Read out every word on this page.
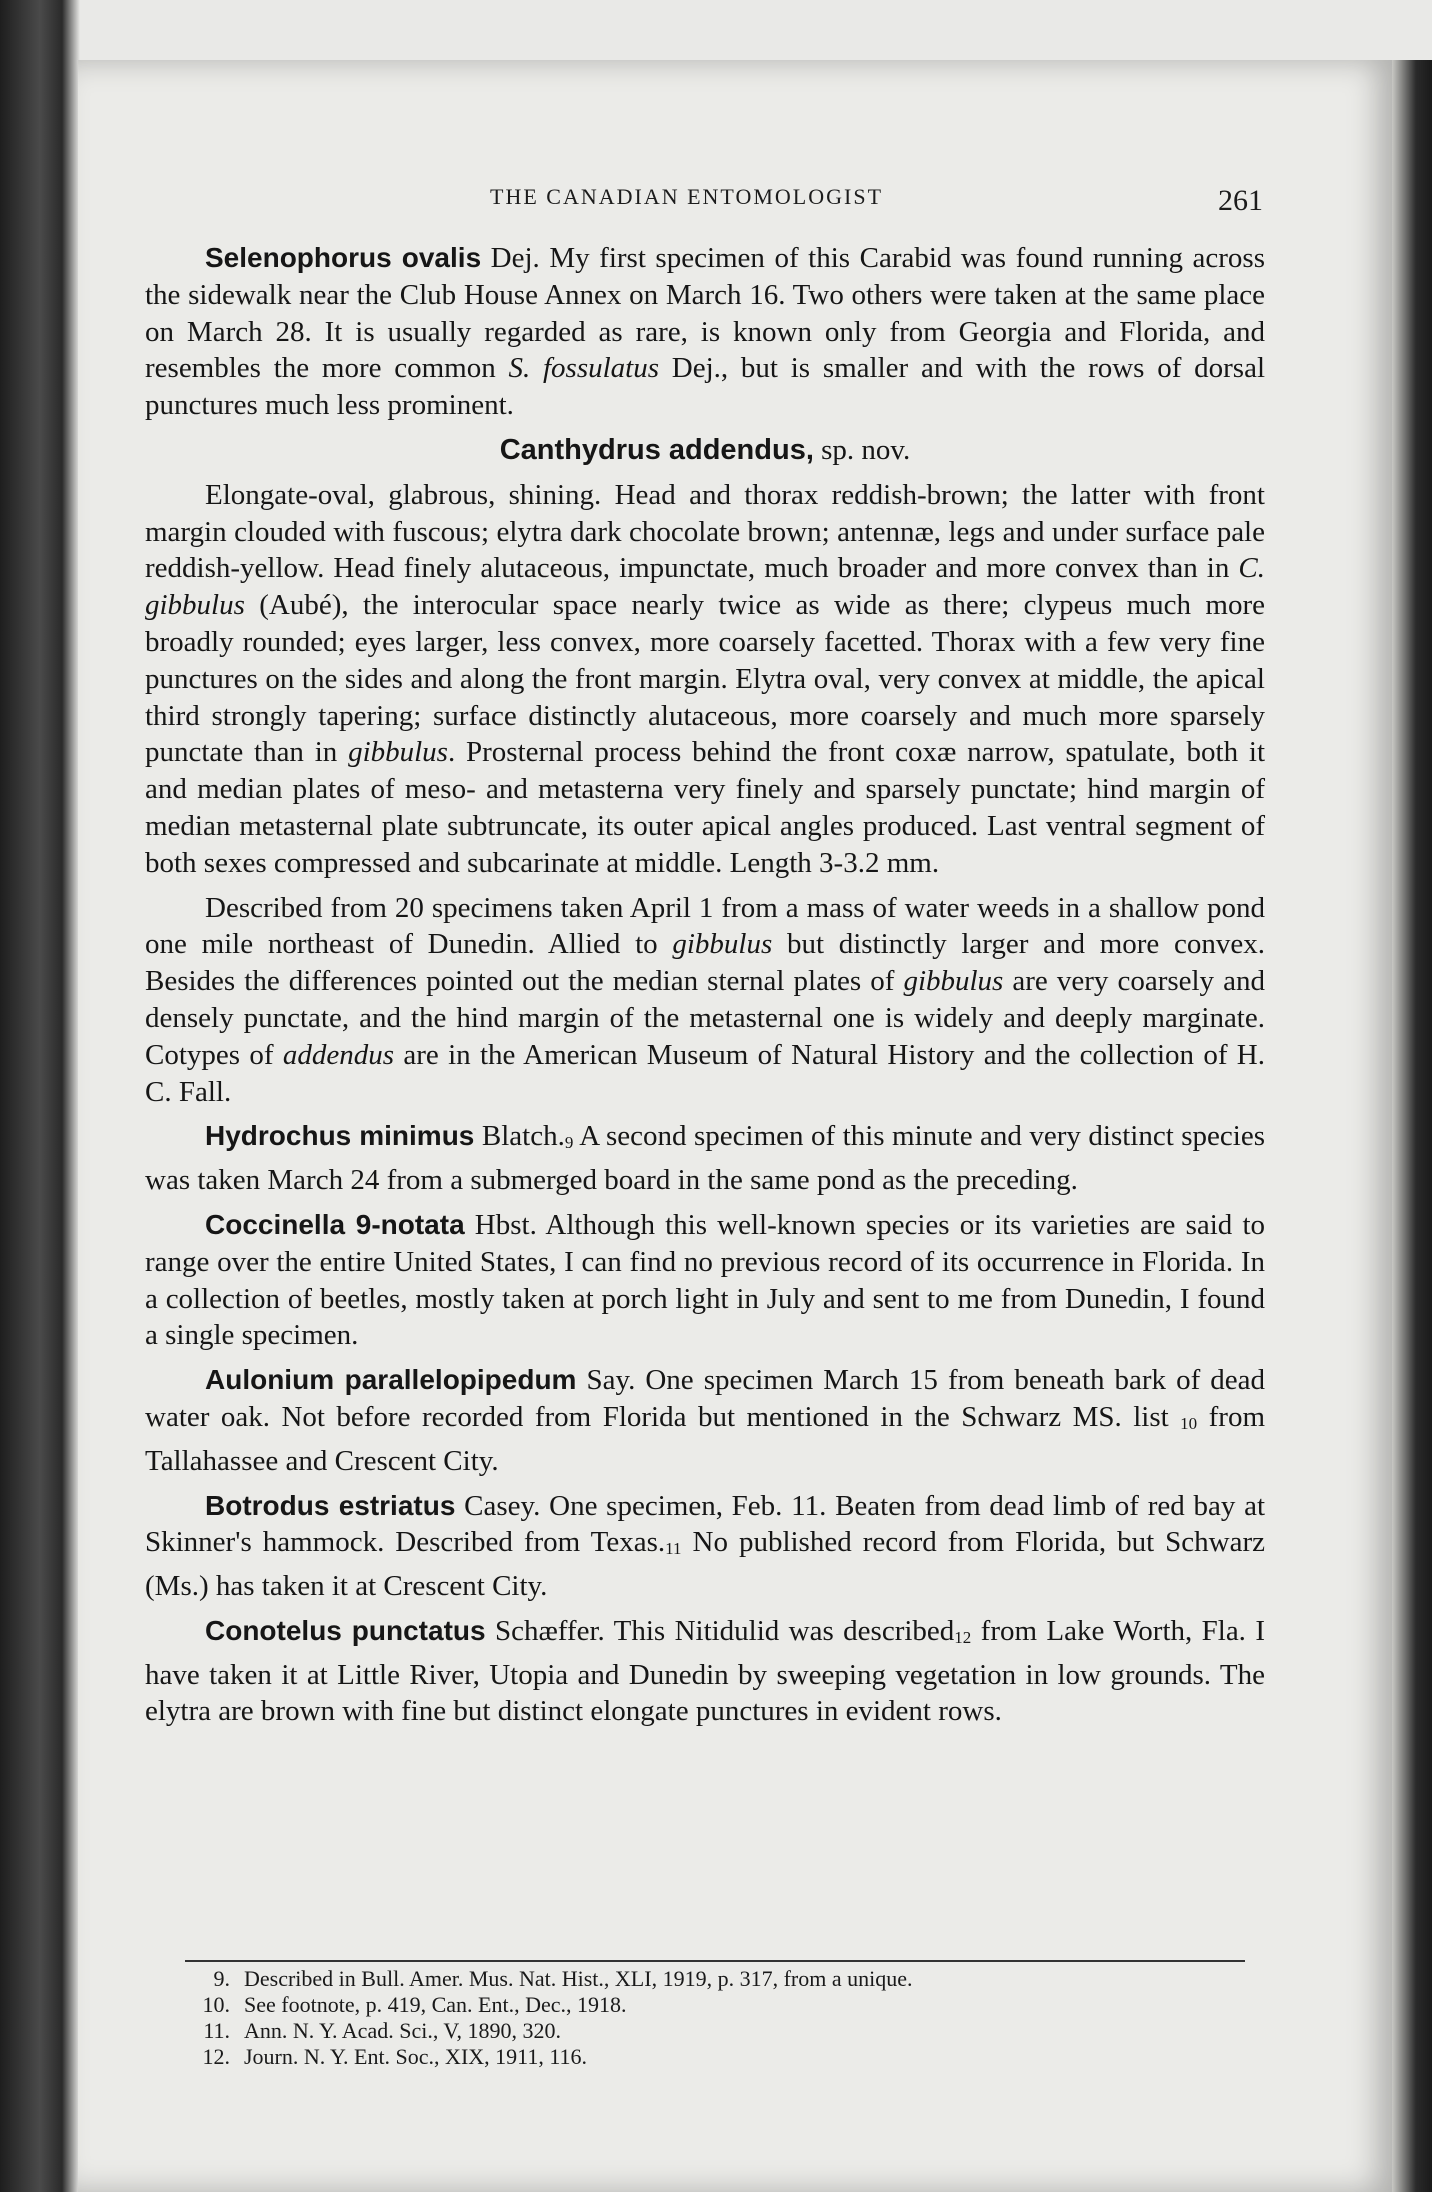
THE CANADIAN ENTOMOLOGIST	261

Selenophorus ovalis Dej. My first specimen of this Carabid was found running across the sidewalk near the Club House Annex on March 16. Two others were taken at the same place on March 28. It is usually regarded as rare, is known only from Georgia and Florida, and resembles the more common S. fossulatus Dej., but is smaller and with the rows of dorsal punctures much less prominent.

Canthydrus addendus, sp. nov.

Elongate-oval, glabrous, shining. Head and thorax reddish-brown; the latter with front margin clouded with fuscous; elytra dark chocolate brown; antennæ, legs and under surface pale reddish-yellow. Head finely alutaceous, impunctate, much broader and more convex than in C. gibbulus (Aubé), the interocular space nearly twice as wide as there; clypeus much more broadly rounded; eyes larger, less convex, more coarsely facetted. Thorax with a few very fine punctures on the sides and along the front margin. Elytra oval, very convex at middle, the apical third strongly tapering; surface distinctly alutaceous, more coarsely and much more sparsely punctate than in gibbulus. Prosternal process behind the front coxæ narrow, spatulate, both it and median plates of meso- and metasterna very finely and sparsely punctate; hind margin of median metasternal plate subtruncate, its outer apical angles produced. Last ventral segment of both sexes compressed and subcarinate at middle. Length 3-3.2 mm.

Described from 20 specimens taken April 1 from a mass of water weeds in a shallow pond one mile northeast of Dunedin. Allied to gibbulus but distinctly larger and more convex. Besides the differences pointed out the median sternal plates of gibbulus are very coarsely and densely punctate, and the hind margin of the metasternal one is widely and deeply marginate. Cotypes of addendus are in the American Museum of Natural History and the collection of H. C. Fall.

Hydrochus minimus $Blatch._9$ A second specimen of this minute and very distinct species was taken March 24 from a submerged board in the same pond as the preceding.

Coccinella 9-notata Hbst. Although this well-known species or its varieties are said to range over the entire United States, I can find no previous record of its occurrence in Florida. In a collection of beetles, mostly taken at porch light in July and sent to me from Dunedin, I found a single specimen.

Aulonium parallelopipedum Say. One specimen March 15 from beneath bark of dead water oak. Not before recorded from Florida but mentioned in the Schwarz MS. list $_{10}$ from Tallahassee and Crescent City.

Botrodus estriatus Casey. One specimen, Feb. 11. Beaten from dead limb of red bay at Skinner's hammock. Described from $Texas._{11}$ No published record from Florida, but Schwarz (Ms.) has taken it at Crescent City.

Conotelus punctatus Schæffer. This Nitidulid was described$_{12}$ from Lake Worth, Fla. I have taken it at Little River, Utopia and Dunedin by sweeping vegetation in low grounds. The elytra are brown with fine but distinct elongate punctures in evident rows.

9. Described in Bull. Amer. Mus. Nat. Hist., XLI, 1919, p. 317, from a unique.
10. See footnote, p. 419, Can. Ent., Dec., 1918.
11. Ann. N. Y. Acad. Sci., V, 1890, 320.
12. Journ. N. Y. Ent. Soc., XIX, 1911, 116.
